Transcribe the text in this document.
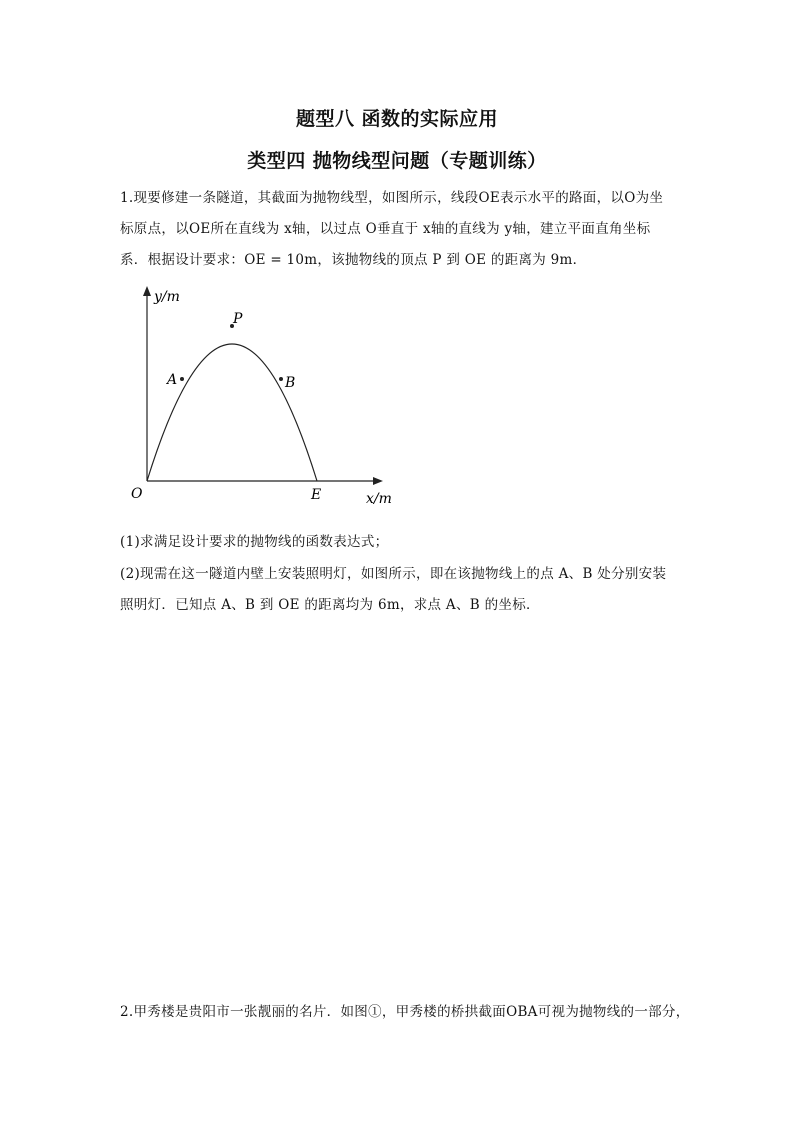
题型八 函数的实际应用
类型四 抛物线型问题（专题训练）
1.现要修建一条隧道，其截面为抛物线型，如图所示，线段OE表示水平的路面，以O为坐
标原点，以OE所在直线为 x轴，以过点 O垂直于 x轴的直线为 y轴，建立平面直角坐标
系．根据设计要求：OE = 10m，该抛物线的顶点 P 到 OE 的距离为 9m．
y/m
x/m
O	E
P
A	B
(1)求满足设计要求的抛物线的函数表达式；
(2)现需在这一隧道内壁上安装照明灯，如图所示，即在该抛物线上的点 A、B 处分别安装
照明灯．已知点 A、B 到 OE 的距离均为 6m，求点 A、B 的坐标．
2.甲秀楼是贵阳市一张靓丽的名片．如图①，甲秀楼的桥拱截面OBA可视为抛物线的一部分，
